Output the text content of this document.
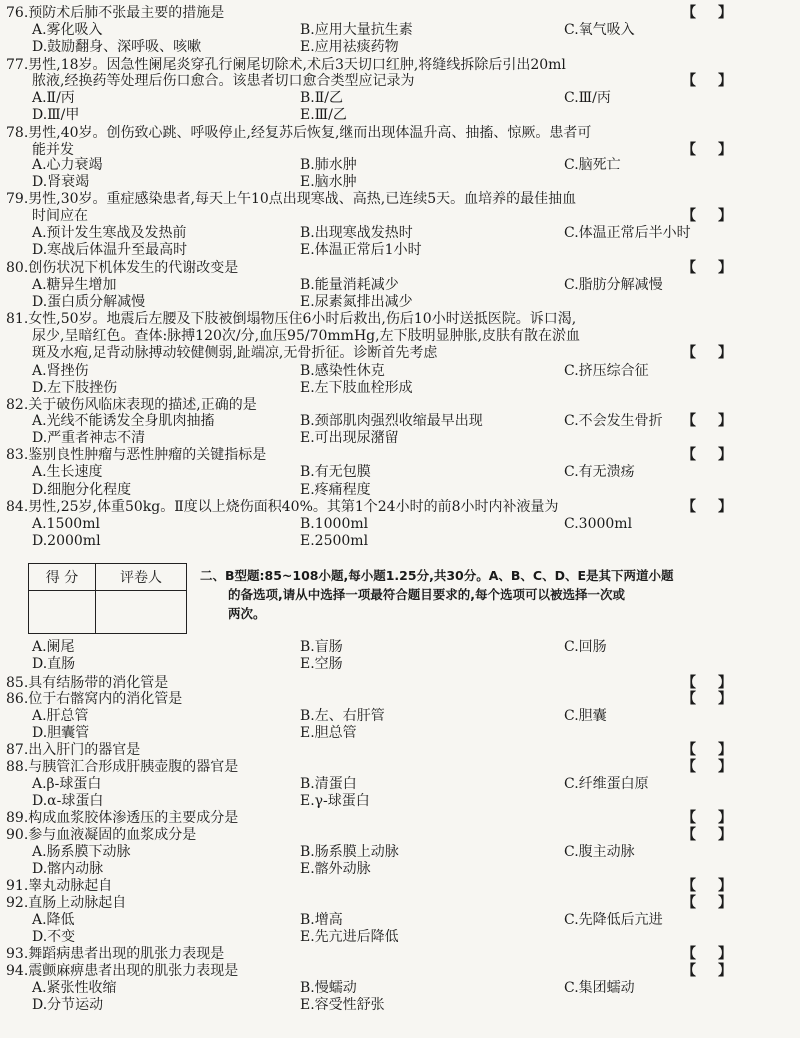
76.预防术后肺不张最主要的措施是	【 】
A.雾化吸入	B.应用大量抗生素	C.氧气吸入
D.鼓励翻身、深呼吸、咳嗽	E.应用祛痰药物
77.男性,18岁。因急性阑尾炎穿孔行阑尾切除术,术后3天切口红肿,将缝线拆除后引出20ml
脓液,经换药等处理后伤口愈合。该患者切口愈合类型应记录为	【 】
A.Ⅱ/丙	B.Ⅱ/乙	C.Ⅲ/丙
D.Ⅲ/甲	E.Ⅲ/乙
78.男性,40岁。创伤致心跳、呼吸停止,经复苏后恢复,继而出现体温升高、抽搐、惊厥。患者可
能并发	【 】
A.心力衰竭	B.肺水肿	C.脑死亡
D.肾衰竭	E.脑水肿
79.男性,30岁。重症感染患者,每天上午10点出现寒战、高热,已连续5天。血培养的最佳抽血
时间应在	【 】
A.预计发生寒战及发热前	B.出现寒战发热时	C.体温正常后半小时
D.寒战后体温升至最高时	E.体温正常后1小时
80.创伤状况下机体发生的代谢改变是	【 】
A.糖异生增加	B.能量消耗减少	C.脂肪分解减慢
D.蛋白质分解减慢	E.尿素氮排出减少
81.女性,50岁。地震后左腰及下肢被倒塌物压住6小时后救出,伤后10小时送抵医院。诉口渴,
尿少,呈暗红色。查体:脉搏120次/分,血压95/70mmHg,左下肢明显肿胀,皮肤有散在淤血
斑及水疱,足背动脉搏动较健侧弱,趾端凉,无骨折征。诊断首先考虑	【 】
A.肾挫伤	B.感染性休克	C.挤压综合征
D.左下肢挫伤	E.左下肢血栓形成
82.关于破伤风临床表现的描述,正确的是
A.光线不能诱发全身肌肉抽搐	B.颈部肌肉强烈收缩最早出现	C.不会发生骨折 【 】
D.严重者神志不清	E.可出现尿潴留
83.鉴别良性肿瘤与恶性肿瘤的关键指标是	【 】
A.生长速度	B.有无包膜	C.有无溃疡
D.细胞分化程度	E.疼痛程度
84.男性,25岁,体重50kg。Ⅱ度以上烧伤面积40%。其第1个24小时的前8小时内补液量为	【 】
A.1500ml	B.1000ml	C.3000ml
D.2000ml	E.2500ml
A.阑尾	B.盲肠	C.回肠
D.直肠	E.空肠
85.具有结肠带的消化管是	【 】
86.位于右髂窝内的消化管是	【 】
A.肝总管	B.左、右肝管	C.胆囊
D.胆囊管	E.胆总管
87.出入肝门的器官是	【 】
88.与胰管汇合形成肝胰壶腹的器官是	【 】
A.β-球蛋白	B.清蛋白	C.纤维蛋白原
D.α-球蛋白	E.γ-球蛋白
89.构成血浆胶体渗透压的主要成分是	【 】
90.参与血液凝固的血浆成分是	【 】
A.肠系膜下动脉	B.肠系膜上动脉	C.腹主动脉
D.髂内动脉	E.髂外动脉
91.睾丸动脉起自	【 】
92.直肠上动脉起自	【 】
A.降低	B.增高	C.先降低后亢进
D.不变	E.先亢进后降低
93.舞蹈病患者出现的肌张力表现是	【 】
94.震颤麻痹患者出现的肌张力表现是	【 】
A.紧张性收缩	B.慢蠕动	C.集团蠕动
D.分节运动	E.容受性舒张
得 分	评卷人
		二、B型题:85~108小题,每小题1.25分,共30分。A、B、C、D、E是其下两道小题
的备选项,请从中选择一项最符合题目要求的,每个选项可以被选择一次或
两次。
